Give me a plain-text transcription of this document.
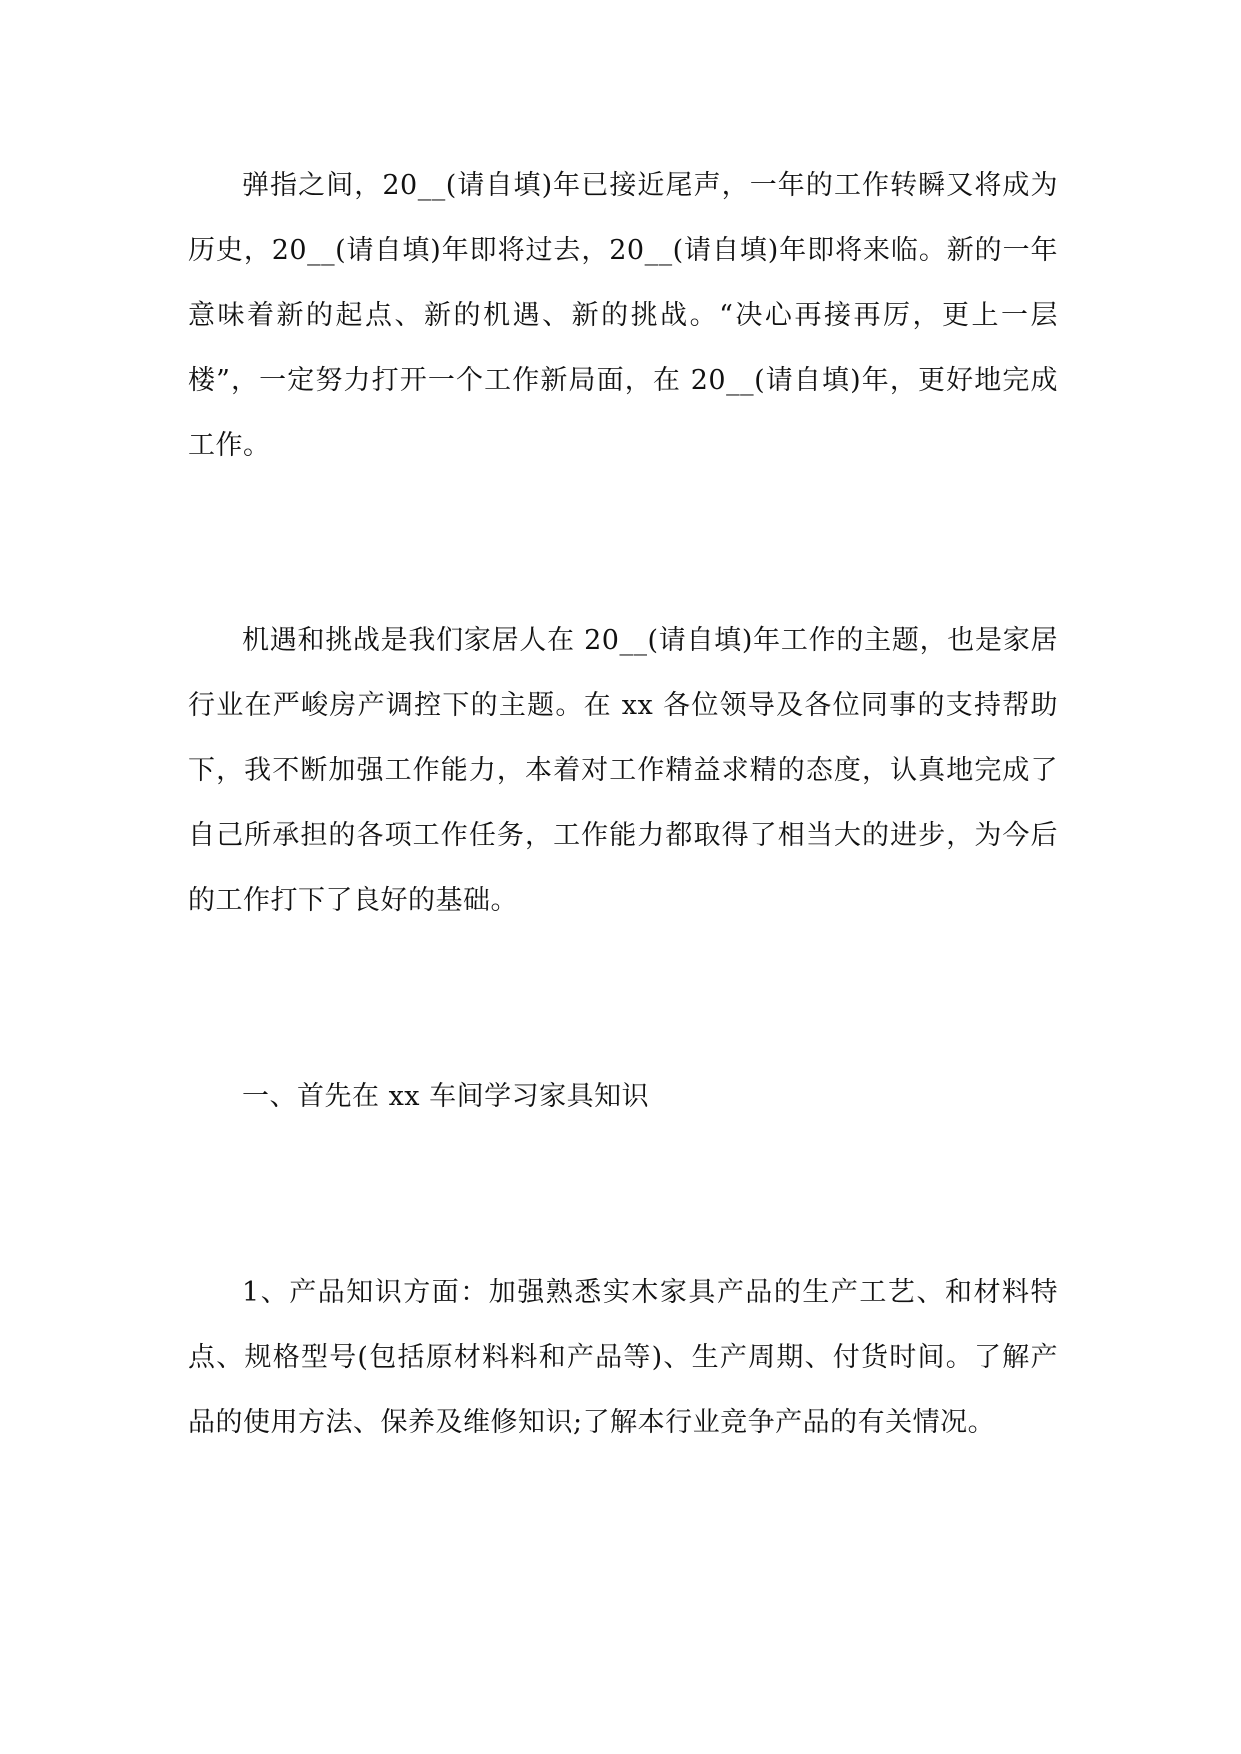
弹指之间，20__(请自填)年已接近尾声，一年的工作转瞬又将成为历史，20__(请自填)年即将过去，20__(请自填)年即将来临。新的一年意味着新的起点、新的机遇、新的挑战。“决心再接再厉，更上一层楼”，一定努力打开一个工作新局面，在 20__(请自填)年，更好地完成工作。

机遇和挑战是我们家居人在 20__(请自填)年工作的主题，也是家居行业在严峻房产调控下的主题。在 xx 各位领导及各位同事的支持帮助下，我不断加强工作能力，本着对工作精益求精的态度，认真地完成了自己所承担的各项工作任务，工作能力都取得了相当大的进步，为今后的工作打下了良好的基础。

一、首先在 xx 车间学习家具知识

1、产品知识方面：加强熟悉实木家具产品的生产工艺、和材料特点、规格型号(包括原材料料和产品等)、生产周期、付货时间。了解产品的使用方法、保养及维修知识;了解本行业竞争产品的有关情况。
